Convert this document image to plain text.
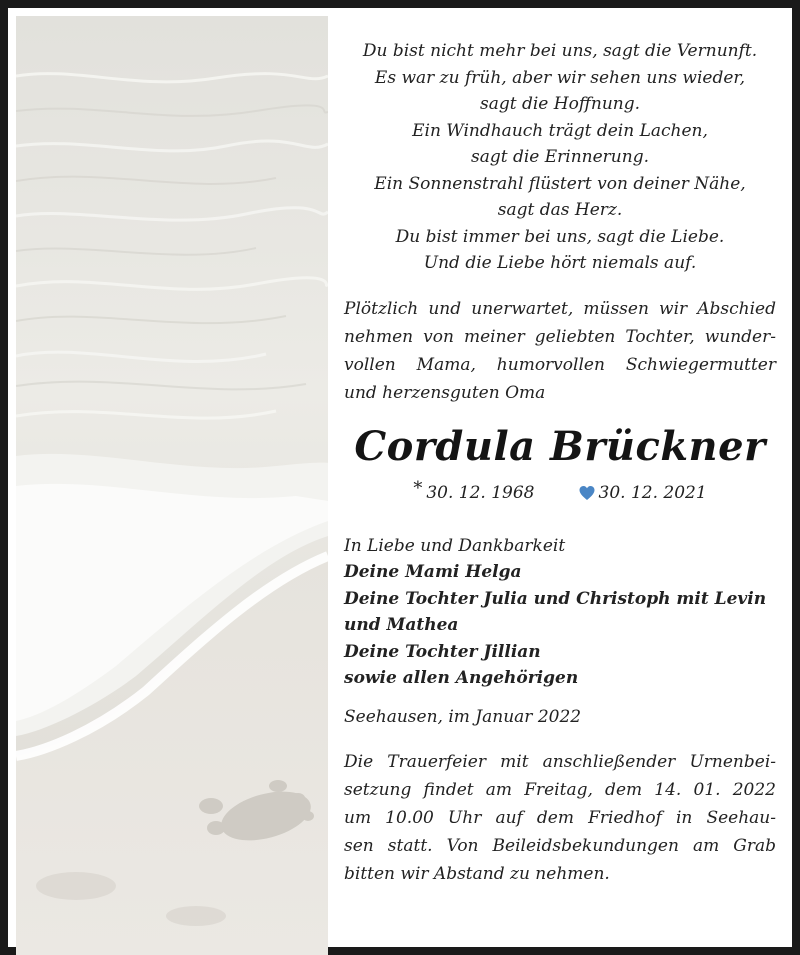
Du bist nicht mehr bei uns, sagt die Vernunft.
Es war zu früh, aber wir sehen uns wieder,
sagt die Hoffnung.
Ein Windhauch trägt dein Lachen,
sagt die Erinnerung.
Ein Sonnenstrahl flüstert von deiner Nähe,
sagt das Herz.
Du bist immer bei uns, sagt die Liebe.
Und die Liebe hört niemals auf.
Plötzlich und unerwartet, müssen wir Abschied
nehmen von meiner geliebten Tochter, wunder-
vollen Mama, humorvollen Schwiegermutter
und herzensguten Oma
Cordula Brückner
* 30. 12. 1968	30. 12. 2021
In Liebe und Dankbarkeit
Deine Mami Helga
Deine Tochter Julia und Christoph mit Levin
und Mathea
Deine Tochter Jillian
sowie allen Angehörigen
Seehausen, im Januar 2022
Die Trauerfeier mit anschließender Urnenbei-
setzung findet am Freitag, dem 14. 01. 2022
um 10.00 Uhr auf dem Friedhof in Seehau-
sen statt. Von Beileidsbekundungen am Grab
bitten wir Abstand zu nehmen.
